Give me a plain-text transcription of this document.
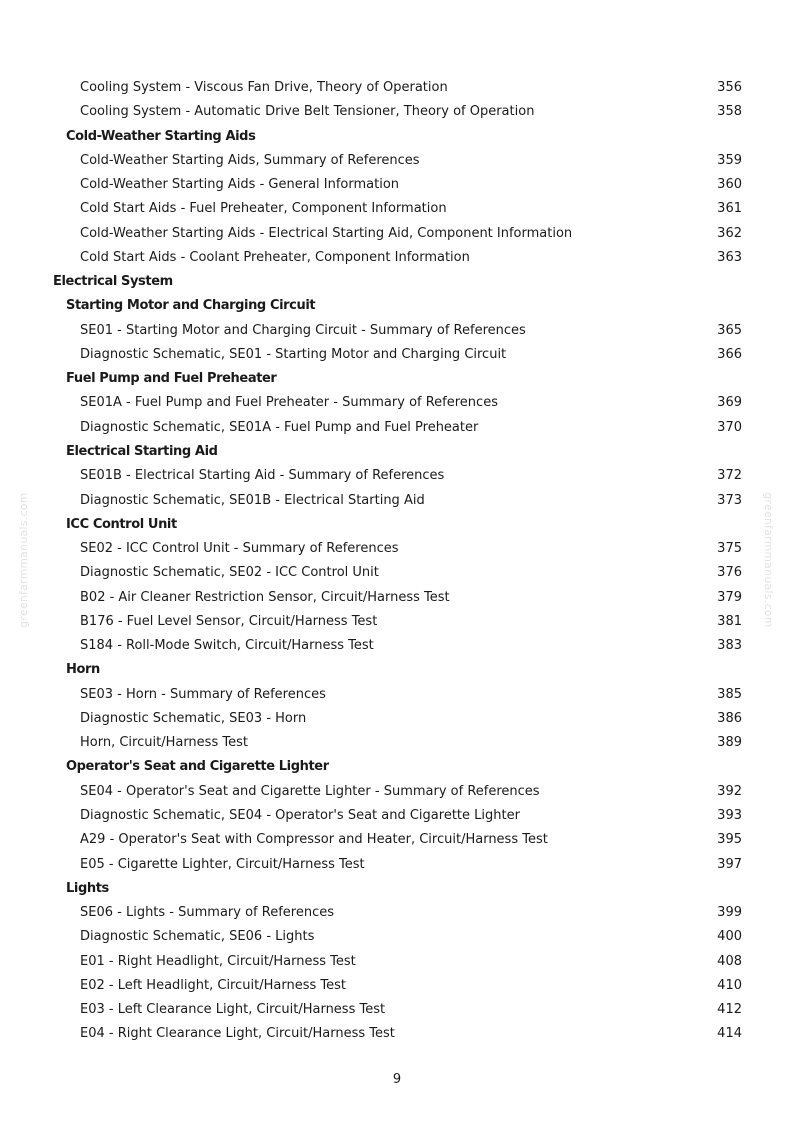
greenfarmmanuals.com	greenfarmmanuals.com
Cooling System - Viscous Fan Drive, Theory of Operation	356
Cooling System - Automatic Drive Belt Tensioner, Theory of Operation	358
Cold-Weather Starting Aids
Cold-Weather Starting Aids, Summary of References	359
Cold-Weather Starting Aids - General Information	360
Cold Start Aids - Fuel Preheater, Component Information	361
Cold-Weather Starting Aids - Electrical Starting Aid, Component Information	362
Cold Start Aids - Coolant Preheater, Component Information	363
Electrical System
Starting Motor and Charging Circuit
SE01 - Starting Motor and Charging Circuit - Summary of References	365
Diagnostic Schematic, SE01 - Starting Motor and Charging Circuit	366
Fuel Pump and Fuel Preheater
SE01A - Fuel Pump and Fuel Preheater - Summary of References	369
Diagnostic Schematic, SE01A - Fuel Pump and Fuel Preheater	370
Electrical Starting Aid
SE01B - Electrical Starting Aid - Summary of References	372
Diagnostic Schematic, SE01B - Electrical Starting Aid	373
ICC Control Unit
SE02 - ICC Control Unit - Summary of References	375
Diagnostic Schematic, SE02 - ICC Control Unit	376
B02 - Air Cleaner Restriction Sensor, Circuit/Harness Test	379
B176 - Fuel Level Sensor, Circuit/Harness Test	381
S184 - Roll-Mode Switch, Circuit/Harness Test	383
Horn
SE03 - Horn - Summary of References	385
Diagnostic Schematic, SE03 - Horn	386
Horn, Circuit/Harness Test	389
Operator's Seat and Cigarette Lighter
SE04 - Operator's Seat and Cigarette Lighter - Summary of References	392
Diagnostic Schematic, SE04 - Operator's Seat and Cigarette Lighter	393
A29 - Operator's Seat with Compressor and Heater, Circuit/Harness Test	395
E05 - Cigarette Lighter, Circuit/Harness Test	397
Lights
SE06 - Lights - Summary of References	399
Diagnostic Schematic, SE06 - Lights	400
E01 - Right Headlight, Circuit/Harness Test	408
E02 - Left Headlight, Circuit/Harness Test	410
E03 - Left Clearance Light, Circuit/Harness Test	412
E04 - Right Clearance Light, Circuit/Harness Test	414
9
